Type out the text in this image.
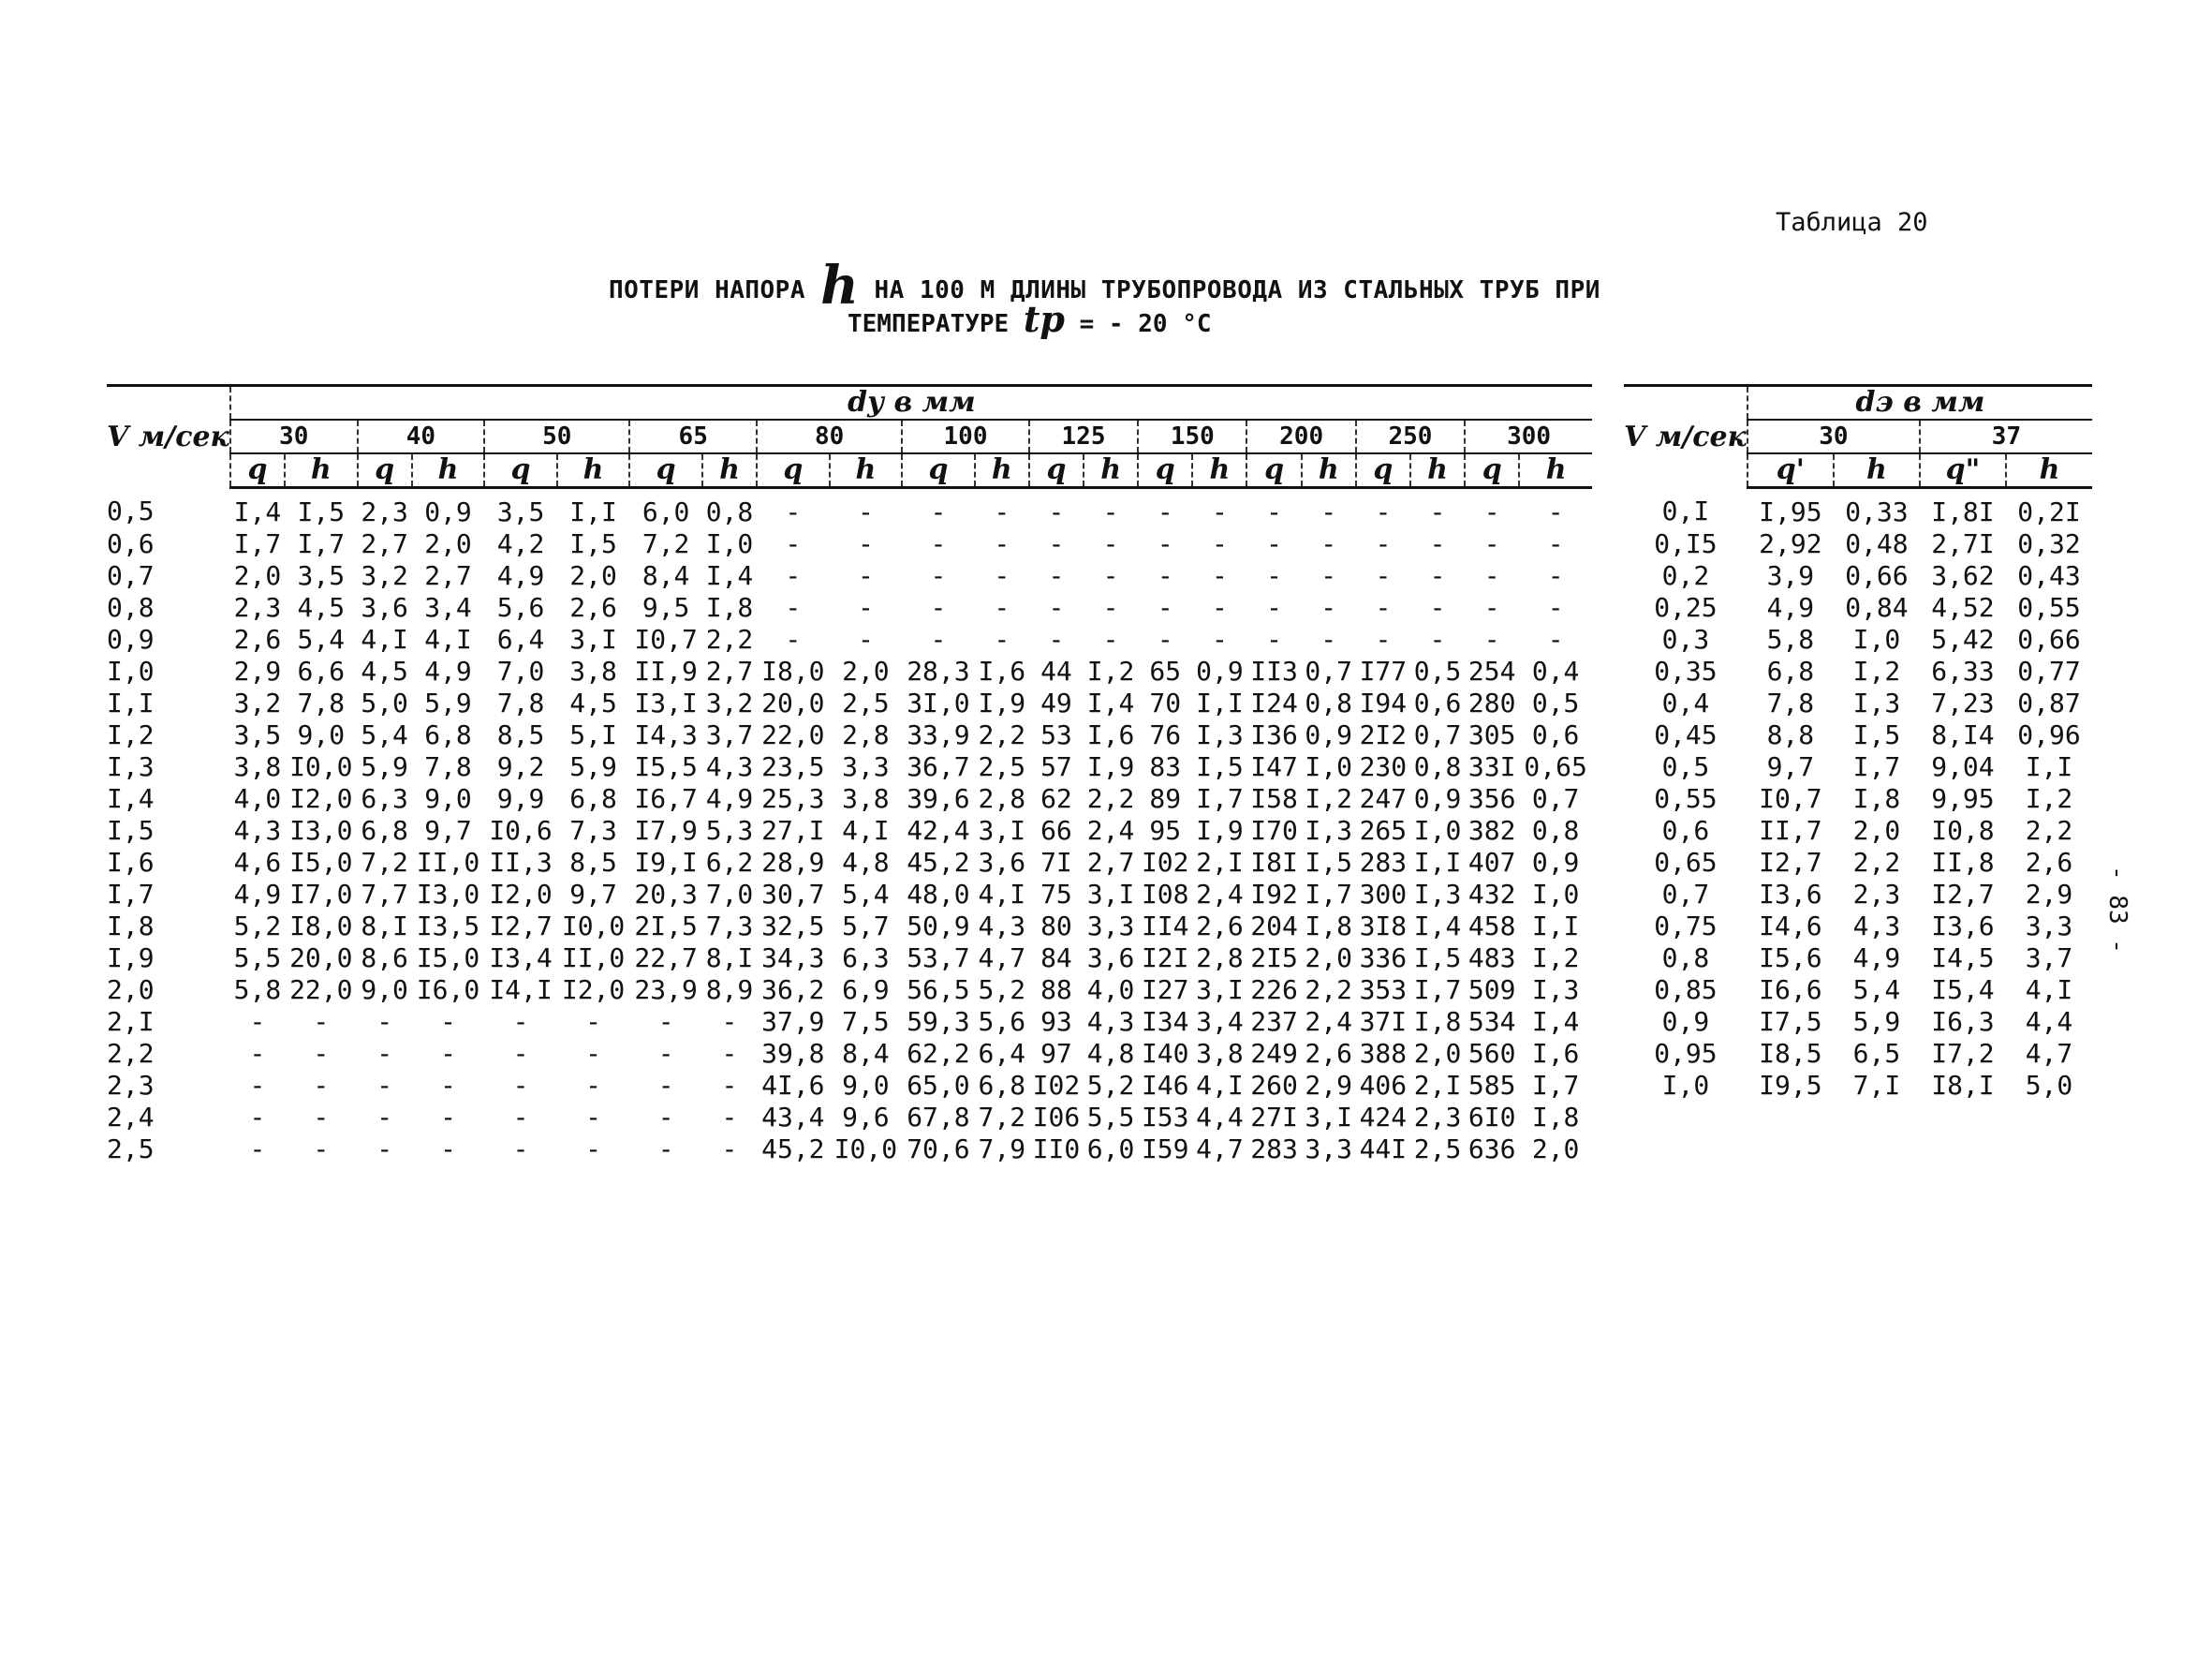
Таблица 20
ПОТЕРИ НАПОРА h НА 100 М ДЛИНЫ ТРУБОПРОВОДА ИЗ СТАЛЬНЫХ ТРУБ ПРИ
ТЕМПЕРАТУРЕ tp = - 20 °C
V м/сек	dу в мм																					
	30		40		50		65		80		100		125		150		200		250		300	
	q	h	q	h	q	h	q	h	q	h	q	h	q	h	q	h	q	h	q	h	q	h
0,5	I,4	I,5	2,3	0,9	3,5	I,I	6,0	0,8	-	-	-	-	-	-	-	-	-	-	-	-	-	-
0,6	I,7	I,7	2,7	2,0	4,2	I,5	7,2	I,0	-	-	-	-	-	-	-	-	-	-	-	-	-	-
0,7	2,0	3,5	3,2	2,7	4,9	2,0	8,4	I,4	-	-	-	-	-	-	-	-	-	-	-	-	-	-
0,8	2,3	4,5	3,6	3,4	5,6	2,6	9,5	I,8	-	-	-	-	-	-	-	-	-	-	-	-	-	-
0,9	2,6	5,4	4,I	4,I	6,4	3,I	I0,7	2,2	-	-	-	-	-	-	-	-	-	-	-	-	-	-
I,0	2,9	6,6	4,5	4,9	7,0	3,8	II,9	2,7	I8,0	2,0	28,3	I,6	44	I,2	65	0,9	II3	0,7	I77	0,5	254	0,4
I,I	3,2	7,8	5,0	5,9	7,8	4,5	I3,I	3,2	20,0	2,5	3I,0	I,9	49	I,4	70	I,I	I24	0,8	I94	0,6	280	0,5
I,2	3,5	9,0	5,4	6,8	8,5	5,I	I4,3	3,7	22,0	2,8	33,9	2,2	53	I,6	76	I,3	I36	0,9	2I2	0,7	305	0,6
I,3	3,8	I0,0	5,9	7,8	9,2	5,9	I5,5	4,3	23,5	3,3	36,7	2,5	57	I,9	83	I,5	I47	I,0	230	0,8	33I	0,65
I,4	4,0	I2,0	6,3	9,0	9,9	6,8	I6,7	4,9	25,3	3,8	39,6	2,8	62	2,2	89	I,7	I58	I,2	247	0,9	356	0,7
I,5	4,3	I3,0	6,8	9,7	I0,6	7,3	I7,9	5,3	27,I	4,I	42,4	3,I	66	2,4	95	I,9	I70	I,3	265	I,0	382	0,8
I,6	4,6	I5,0	7,2	II,0	II,3	8,5	I9,I	6,2	28,9	4,8	45,2	3,6	7I	2,7	I02	2,I	I8I	I,5	283	I,I	407	0,9
I,7	4,9	I7,0	7,7	I3,0	I2,0	9,7	20,3	7,0	30,7	5,4	48,0	4,I	75	3,I	I08	2,4	I92	I,7	300	I,3	432	I,0
I,8	5,2	I8,0	8,I	I3,5	I2,7	I0,0	2I,5	7,3	32,5	5,7	50,9	4,3	80	3,3	II4	2,6	204	I,8	3I8	I,4	458	I,I
I,9	5,5	20,0	8,6	I5,0	I3,4	II,0	22,7	8,I	34,3	6,3	53,7	4,7	84	3,6	I2I	2,8	2I5	2,0	336	I,5	483	I,2
2,0	5,8	22,0	9,0	I6,0	I4,I	I2,0	23,9	8,9	36,2	6,9	56,5	5,2	88	4,0	I27	3,I	226	2,2	353	I,7	509	I,3
2,I	-	-	-	-	-	-	-	-	37,9	7,5	59,3	5,6	93	4,3	I34	3,4	237	2,4	37I	I,8	534	I,4
2,2	-	-	-	-	-	-	-	-	39,8	8,4	62,2	6,4	97	4,8	I40	3,8	249	2,6	388	2,0	560	I,6
2,3	-	-	-	-	-	-	-	-	4I,6	9,0	65,0	6,8	I02	5,2	I46	4,I	260	2,9	406	2,I	585	I,7
2,4	-	-	-	-	-	-	-	-	43,4	9,6	67,8	7,2	I06	5,5	I53	4,4	27I	3,I	424	2,3	6I0	I,8
2,5	-	-	-	-	-	-	-	-	45,2	I0,0	70,6	7,9	II0	6,0	I59	4,7	283	3,3	44I	2,5	636	2,0
V м/сек	dэ в мм			
	30		37	
	q'	h	q"	h
0,I	I,95	0,33	I,8I	0,2I
0,I5	2,92	0,48	2,7I	0,32
0,2	3,9	0,66	3,62	0,43
0,25	4,9	0,84	4,52	0,55
0,3	5,8	I,0	5,42	0,66
0,35	6,8	I,2	6,33	0,77
0,4	7,8	I,3	7,23	0,87
0,45	8,8	I,5	8,I4	0,96
0,5	9,7	I,7	9,04	I,I
0,55	I0,7	I,8	9,95	I,2
0,6	II,7	2,0	I0,8	2,2
0,65	I2,7	2,2	II,8	2,6
0,7	I3,6	2,3	I2,7	2,9
0,75	I4,6	4,3	I3,6	3,3
0,8	I5,6	4,9	I4,5	3,7
0,85	I6,6	5,4	I5,4	4,I
0,9	I7,5	5,9	I6,3	4,4
0,95	I8,5	6,5	I7,2	4,7
I,0	I9,5	7,I	I8,I	5,0
- 83 -
